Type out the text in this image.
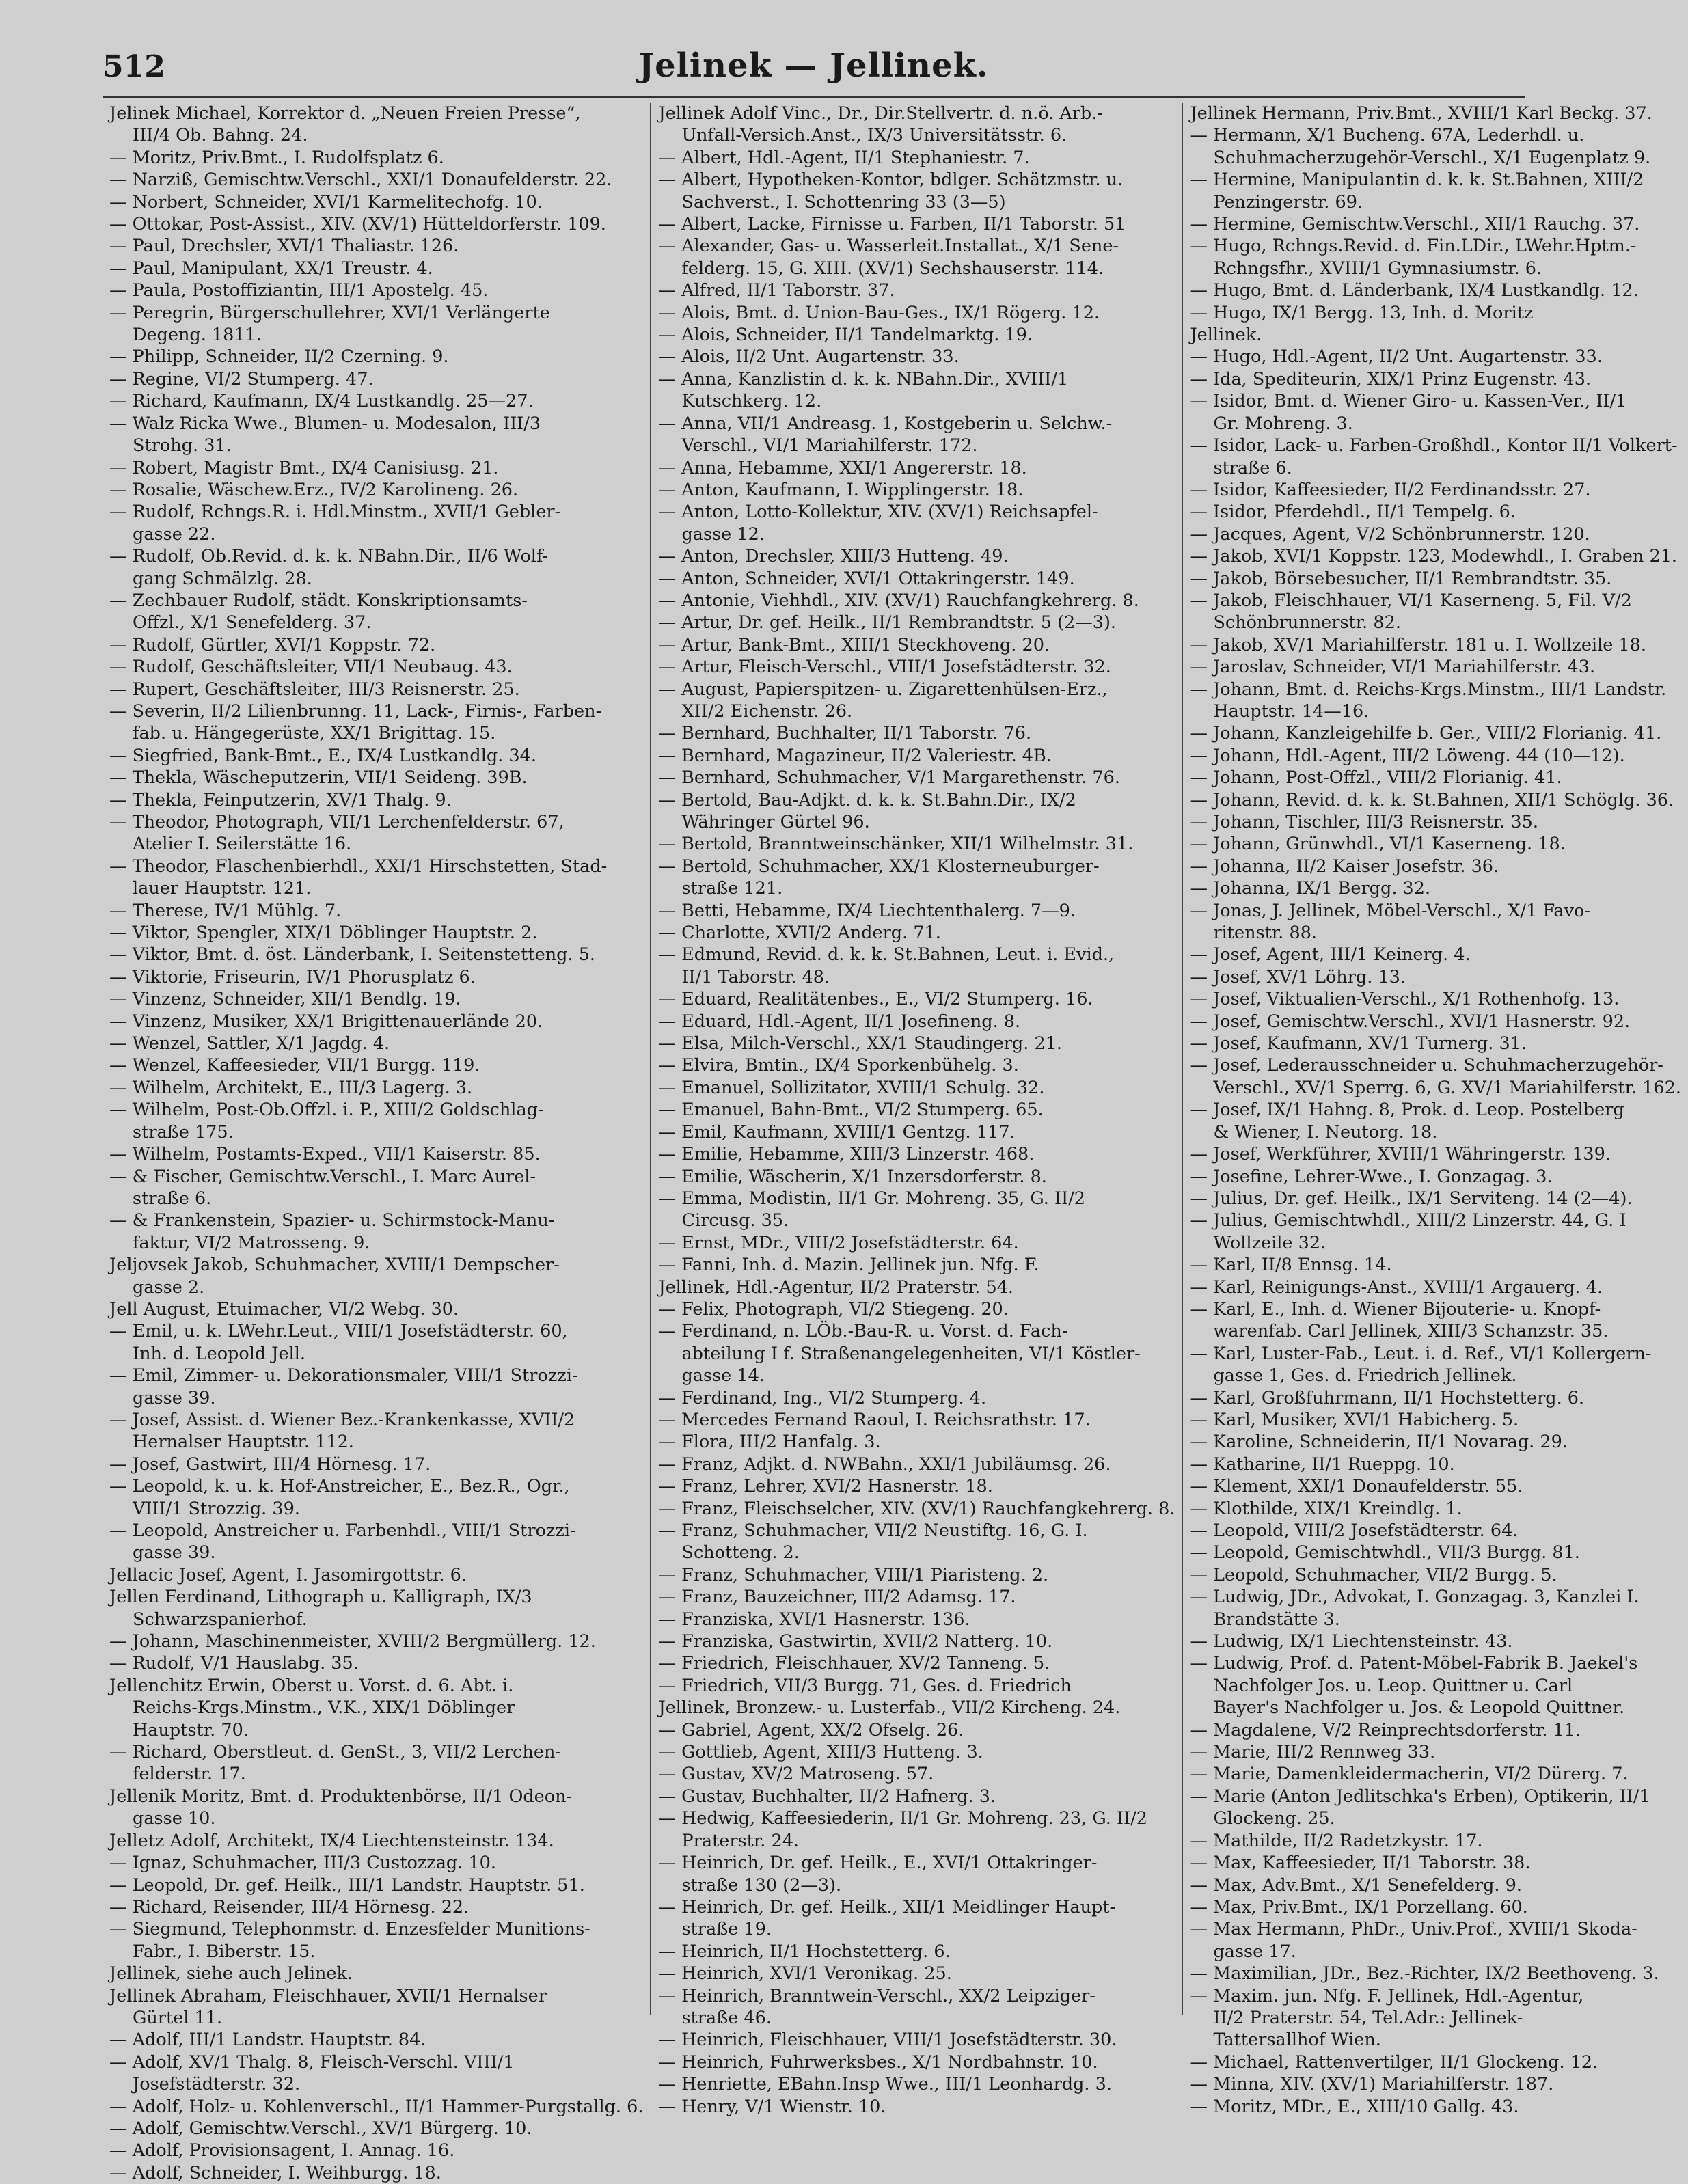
512	Jelinek — Jellinek.
Jelinek Michael, Korrektor d. „Neuen Freien Presse“,
III/4 Ob. Bahng. 24.
— Moritz, Priv.Bmt., I. Rudolfsplatz 6.
— Narziß, Gemischtw.Verschl., XXI/1 Donaufelderstr. 22.
— Norbert, Schneider, XVI/1 Karmelitechofg. 10.
— Ottokar, Post-Assist., XIV. (XV/1) Hütteldorferstr. 109.
— Paul, Drechsler, XVI/1 Thaliastr. 126.
— Paul, Manipulant, XX/1 Treustr. 4.
— Paula, Postoffiziantin, III/1 Apostelg. 45.
— Peregrin, Bürgerschullehrer, XVI/1 Verlängerte
Degeng. 1811.
— Philipp, Schneider, II/2 Czerning. 9.
— Regine, VI/2 Stumperg. 47.
— Richard, Kaufmann, IX/4 Lustkandlg. 25—27.
— Walz Ricka Wwe., Blumen- u. Modesalon, III/3
Strohg. 31.
— Robert, Magistr Bmt., IX/4 Canisiusg. 21.
— Rosalie, Wäschew.Erz., IV/2 Karolineng. 26.
— Rudolf, Rchngs.R. i. Hdl.Minstm., XVII/1 Gebler-
gasse 22.
— Rudolf, Ob.Revid. d. k. k. NBahn.Dir., II/6 Wolf-
gang Schmälzlg. 28.
— Zechbauer Rudolf, städt. Konskriptionsamts-
Offzl., X/1 Senefelderg. 37.
— Rudolf, Gürtler, XVI/1 Koppstr. 72.
— Rudolf, Geschäftsleiter, VII/1 Neubaug. 43.
— Rupert, Geschäftsleiter, III/3 Reisnerstr. 25.
— Severin, II/2 Lilienbrunng. 11, Lack-, Firnis-, Farben-
fab. u. Hängegerüste, XX/1 Brigittag. 15.
— Siegfried, Bank-Bmt., E., IX/4 Lustkandlg. 34.
— Thekla, Wäscheputzerin, VII/1 Seideng. 39B.
— Thekla, Feinputzerin, XV/1 Thalg. 9.
— Theodor, Photograph, VII/1 Lerchenfelderstr. 67,
Atelier I. Seilerstätte 16.
— Theodor, Flaschenbierhdl., XXI/1 Hirschstetten, Stad-
lauer Hauptstr. 121.
— Therese, IV/1 Mühlg. 7.
— Viktor, Spengler, XIX/1 Döblinger Hauptstr. 2.
— Viktor, Bmt. d. öst. Länderbank, I. Seitenstetteng. 5.
— Viktorie, Friseurin, IV/1 Phorusplatz 6.
— Vinzenz, Schneider, XII/1 Bendlg. 19.
— Vinzenz, Musiker, XX/1 Brigittenauerlände 20.
— Wenzel, Sattler, X/1 Jagdg. 4.
— Wenzel, Kaffeesieder, VII/1 Burgg. 119.
— Wilhelm, Architekt, E., III/3 Lagerg. 3.
— Wilhelm, Post-Ob.Offzl. i. P., XIII/2 Goldschlag-
straße 175.
— Wilhelm, Postamts-Exped., VII/1 Kaiserstr. 85.
— & Fischer, Gemischtw.Verschl., I. Marc Aurel-
straße 6.
— & Frankenstein, Spazier- u. Schirmstock-Manu-
faktur, VI/2 Matrosseng. 9.
Jeljovsek Jakob, Schuhmacher, XVIII/1 Dempscher-
gasse 2.
Jell August, Etuimacher, VI/2 Webg. 30.
— Emil, u. k. LWehr.Leut., VIII/1 Josefstädterstr. 60,
Inh. d. Leopold Jell.
— Emil, Zimmer- u. Dekorationsmaler, VIII/1 Strozzi-
gasse 39.
— Josef, Assist. d. Wiener Bez.-Krankenkasse, XVII/2
Hernalser Hauptstr. 112.
— Josef, Gastwirt, III/4 Hörnesg. 17.
— Leopold, k. u. k. Hof-Anstreicher, E., Bez.R., Ogr.,
VIII/1 Strozzig. 39.
— Leopold, Anstreicher u. Farbenhdl., VIII/1 Strozzi-
gasse 39.
Jellacic Josef, Agent, I. Jasomirgottstr. 6.
Jellen Ferdinand, Lithograph u. Kalligraph, IX/3
Schwarzspanierhof.
— Johann, Maschinenmeister, XVIII/2 Bergmüllerg. 12.
— Rudolf, V/1 Hauslabg. 35.
Jellenchitz Erwin, Oberst u. Vorst. d. 6. Abt. i.
Reichs-Krgs.Minstm., V.K., XIX/1 Döblinger
Hauptstr. 70.
— Richard, Oberstleut. d. GenSt., 3, VII/2 Lerchen-
felderstr. 17.
Jellenik Moritz, Bmt. d. Produktenbörse, II/1 Odeon-
gasse 10.
Jelletz Adolf, Architekt, IX/4 Liechtensteinstr. 134.
— Ignaz, Schuhmacher, III/3 Custozzag. 10.
— Leopold, Dr. gef. Heilk., III/1 Landstr. Hauptstr. 51.
— Richard, Reisender, III/4 Hörnesg. 22.
— Siegmund, Telephonmstr. d. Enzesfelder Munitions-
Fabr., I. Biberstr. 15.
Jellinek, siehe auch Jelinek.
Jellinek Abraham, Fleischhauer, XVII/1 Hernalser
Gürtel 11.
— Adolf, III/1 Landstr. Hauptstr. 84.
— Adolf, XV/1 Thalg. 8, Fleisch-Verschl. VIII/1
Josefstädterstr. 32.
— Adolf, Holz- u. Kohlenverschl., II/1 Hammer-Purgstallg. 6.
— Adolf, Gemischtw.Verschl., XV/1 Bürgerg. 10.
— Adolf, Provisionsagent, I. Annag. 16.
— Adolf, Schneider, I. Weihburgg. 18.
Jellinek Adolf Vinc., Dr., Dir.Stellvertr. d. n.ö. Arb.-
Unfall-Versich.Anst., IX/3 Universitätsstr. 6.
— Albert, Hdl.-Agent, II/1 Stephaniestr. 7.
— Albert, Hypotheken-Kontor, bdlger. Schätzmstr. u.
Sachverst., I. Schottenring 33 (3—5)
— Albert, Lacke, Firnisse u. Farben, II/1 Taborstr. 51
— Alexander, Gas- u. Wasserleit.Installat., X/1 Sene-
felderg. 15, G. XIII. (XV/1) Sechshauserstr. 114.
— Alfred, II/1 Taborstr. 37.
— Alois, Bmt. d. Union-Bau-Ges., IX/1 Rögerg. 12.
— Alois, Schneider, II/1 Tandelmarktg. 19.
— Alois, II/2 Unt. Augartenstr. 33.
— Anna, Kanzlistin d. k. k. NBahn.Dir., XVIII/1
Kutschkerg. 12.
— Anna, VII/1 Andreasg. 1, Kostgeberin u. Selchw.-
Verschl., VI/1 Mariahilferstr. 172.
— Anna, Hebamme, XXI/1 Angererstr. 18.
— Anton, Kaufmann, I. Wipplingerstr. 18.
— Anton, Lotto-Kollektur, XIV. (XV/1) Reichsapfel-
gasse 12.
— Anton, Drechsler, XIII/3 Hutteng. 49.
— Anton, Schneider, XVI/1 Ottakringerstr. 149.
— Antonie, Viehhdl., XIV. (XV/1) Rauchfangkehrerg. 8.
— Artur, Dr. gef. Heilk., II/1 Rembrandtstr. 5 (2—3).
— Artur, Bank-Bmt., XIII/1 Steckhoveng. 20.
— Artur, Fleisch-Verschl., VIII/1 Josefstädterstr. 32.
— August, Papierspitzen- u. Zigarettenhülsen-Erz.,
XII/2 Eichenstr. 26.
— Bernhard, Buchhalter, II/1 Taborstr. 76.
— Bernhard, Magazineur, II/2 Valeriestr. 4B.
— Bernhard, Schuhmacher, V/1 Margarethenstr. 76.
— Bertold, Bau-Adjkt. d. k. k. St.Bahn.Dir., IX/2
Währinger Gürtel 96.
— Bertold, Branntweinschänker, XII/1 Wilhelmstr. 31.
— Bertold, Schuhmacher, XX/1 Klosterneuburger-
straße 121.
— Betti, Hebamme, IX/4 Liechtenthalerg. 7—9.
— Charlotte, XVII/2 Anderg. 71.
— Edmund, Revid. d. k. k. St.Bahnen, Leut. i. Evid.,
II/1 Taborstr. 48.
— Eduard, Realitätenbes., E., VI/2 Stumperg. 16.
— Eduard, Hdl.-Agent, II/1 Josefineng. 8.
— Elsa, Milch-Verschl., XX/1 Staudingerg. 21.
— Elvira, Bmtin., IX/4 Sporkenbühelg. 3.
— Emanuel, Sollizitator, XVIII/1 Schulg. 32.
— Emanuel, Bahn-Bmt., VI/2 Stumperg. 65.
— Emil, Kaufmann, XVIII/1 Gentzg. 117.
— Emilie, Hebamme, XIII/3 Linzerstr. 468.
— Emilie, Wäscherin, X/1 Inzersdorferstr. 8.
— Emma, Modistin, II/1 Gr. Mohreng. 35, G. II/2
Circusg. 35.
— Ernst, MDr., VIII/2 Josefstädterstr. 64.
— Fanni, Inh. d. Mazin. Jellinek jun. Nfg. F.
Jellinek, Hdl.-Agentur, II/2 Praterstr. 54.
— Felix, Photograph, VI/2 Stiegeng. 20.
— Ferdinand, n. LÖb.-Bau-R. u. Vorst. d. Fach-
abteilung I f. Straßenangelegenheiten, VI/1 Köstler-
gasse 14.
— Ferdinand, Ing., VI/2 Stumperg. 4.
— Mercedes Fernand Raoul, I. Reichsrathstr. 17.
— Flora, III/2 Hanfalg. 3.
— Franz, Adjkt. d. NWBahn., XXI/1 Jubiläumsg. 26.
— Franz, Lehrer, XVI/2 Hasnerstr. 18.
— Franz, Fleischselcher, XIV. (XV/1) Rauchfangkehrerg. 8.
— Franz, Schuhmacher, VII/2 Neustiftg. 16, G. I.
Schotteng. 2.
— Franz, Schuhmacher, VIII/1 Piaristeng. 2.
— Franz, Bauzeichner, III/2 Adamsg. 17.
— Franziska, XVI/1 Hasnerstr. 136.
— Franziska, Gastwirtin, XVII/2 Natterg. 10.
— Friedrich, Fleischhauer, XV/2 Tanneng. 5.
— Friedrich, VII/3 Burgg. 71, Ges. d. Friedrich
Jellinek, Bronzew.- u. Lusterfab., VII/2 Kircheng. 24.
— Gabriel, Agent, XX/2 Ofselg. 26.
— Gottlieb, Agent, XIII/3 Hutteng. 3.
— Gustav, XV/2 Matroseng. 57.
— Gustav, Buchhalter, II/2 Hafnerg. 3.
— Hedwig, Kaffeesiederin, II/1 Gr. Mohreng. 23, G. II/2
Praterstr. 24.
— Heinrich, Dr. gef. Heilk., E., XVI/1 Ottakringer-
straße 130 (2—3).
— Heinrich, Dr. gef. Heilk., XII/1 Meidlinger Haupt-
straße 19.
— Heinrich, II/1 Hochstetterg. 6.
— Heinrich, XVI/1 Veronikag. 25.
— Heinrich, Branntwein-Verschl., XX/2 Leipziger-
straße 46.
— Heinrich, Fleischhauer, VIII/1 Josefstädterstr. 30.
— Heinrich, Fuhrwerksbes., X/1 Nordbahnstr. 10.
— Henriette, EBahn.Insp Wwe., III/1 Leonhardg. 3.
— Henry, V/1 Wienstr. 10.
Jellinek Hermann, Priv.Bmt., XVIII/1 Karl Beckg. 37.
— Hermann, X/1 Bucheng. 67A, Lederhdl. u.
Schuhmacherzugehör-Verschl., X/1 Eugenplatz 9.
— Hermine, Manipulantin d. k. k. St.Bahnen, XIII/2
Penzingerstr. 69.
— Hermine, Gemischtw.Verschl., XII/1 Rauchg. 37.
— Hugo, Rchngs.Revid. d. Fin.LDir., LWehr.Hptm.-
Rchngsfhr., XVIII/1 Gymnasiumstr. 6.
— Hugo, Bmt. d. Länderbank, IX/4 Lustkandlg. 12.
— Hugo, IX/1 Bergg. 13, Inh. d. Moritz
Jellinek.
— Hugo, Hdl.-Agent, II/2 Unt. Augartenstr. 33.
— Ida, Spediteurin, XIX/1 Prinz Eugenstr. 43.
— Isidor, Bmt. d. Wiener Giro- u. Kassen-Ver., II/1
Gr. Mohreng. 3.
— Isidor, Lack- u. Farben-Großhdl., Kontor II/1 Volkert-
straße 6.
— Isidor, Kaffeesieder, II/2 Ferdinandsstr. 27.
— Isidor, Pferdehdl., II/1 Tempelg. 6.
— Jacques, Agent, V/2 Schönbrunnerstr. 120.
— Jakob, XVI/1 Koppstr. 123, Modewhdl., I. Graben 21.
— Jakob, Börsebesucher, II/1 Rembrandtstr. 35.
— Jakob, Fleischhauer, VI/1 Kaserneng. 5, Fil. V/2
Schönbrunnerstr. 82.
— Jakob, XV/1 Mariahilferstr. 181 u. I. Wollzeile 18.
— Jaroslav, Schneider, VI/1 Mariahilferstr. 43.
— Johann, Bmt. d. Reichs-Krgs.Minstm., III/1 Landstr.
Hauptstr. 14—16.
— Johann, Kanzleigehilfe b. Ger., VIII/2 Florianig. 41.
— Johann, Hdl.-Agent, III/2 Löweng. 44 (10—12).
— Johann, Post-Offzl., VIII/2 Florianig. 41.
— Johann, Revid. d. k. k. St.Bahnen, XII/1 Schöglg. 36.
— Johann, Tischler, III/3 Reisnerstr. 35.
— Johann, Grünwhdl., VI/1 Kaserneng. 18.
— Johanna, II/2 Kaiser Josefstr. 36.
— Johanna, IX/1 Bergg. 32.
— Jonas, J. Jellinek, Möbel-Verschl., X/1 Favo-
ritenstr. 88.
— Josef, Agent, III/1 Keinerg. 4.
— Josef, XV/1 Löhrg. 13.
— Josef, Viktualien-Verschl., X/1 Rothenhofg. 13.
— Josef, Gemischtw.Verschl., XVI/1 Hasnerstr. 92.
— Josef, Kaufmann, XV/1 Turnerg. 31.
— Josef, Lederausschneider u. Schuhmacherzugehör-
Verschl., XV/1 Sperrg. 6, G. XV/1 Mariahilferstr. 162.
— Josef, IX/1 Hahng. 8, Prok. d. Leop. Postelberg
& Wiener, I. Neutorg. 18.
— Josef, Werkführer, XVIII/1 Währingerstr. 139.
— Josefine, Lehrer-Wwe., I. Gonzagag. 3.
— Julius, Dr. gef. Heilk., IX/1 Serviteng. 14 (2—4).
— Julius, Gemischtwhdl., XIII/2 Linzerstr. 44, G. I
Wollzeile 32.
— Karl, II/8 Ennsg. 14.
— Karl, Reinigungs-Anst., XVIII/1 Argauerg. 4.
— Karl, E., Inh. d. Wiener Bijouterie- u. Knopf-
warenfab. Carl Jellinek, XIII/3 Schanzstr. 35.
— Karl, Luster-Fab., Leut. i. d. Ref., VI/1 Kollergern-
gasse 1, Ges. d. Friedrich Jellinek.
— Karl, Großfuhrmann, II/1 Hochstetterg. 6.
— Karl, Musiker, XVI/1 Habicherg. 5.
— Karoline, Schneiderin, II/1 Novarag. 29.
— Katharine, II/1 Rueppg. 10.
— Klement, XXI/1 Donaufelderstr. 55.
— Klothilde, XIX/1 Kreindlg. 1.
— Leopold, VIII/2 Josefstädterstr. 64.
— Leopold, Gemischtwhdl., VII/3 Burgg. 81.
— Leopold, Schuhmacher, VII/2 Burgg. 5.
— Ludwig, JDr., Advokat, I. Gonzagag. 3, Kanzlei I.
Brandstätte 3.
— Ludwig, IX/1 Liechtensteinstr. 43.
— Ludwig, Prof. d. Patent-Möbel-Fabrik B. Jaekel's
Nachfolger Jos. u. Leop. Quittner u. Carl
Bayer's Nachfolger u. Jos. & Leopold Quittner.
— Magdalene, V/2 Reinprechtsdorferstr. 11.
— Marie, III/2 Rennweg 33.
— Marie, Damenkleidermacherin, VI/2 Dürerg. 7.
— Marie (Anton Jedlitschka's Erben), Optikerin, II/1
Glockeng. 25.
— Mathilde, II/2 Radetzkystr. 17.
— Max, Kaffeesieder, II/1 Taborstr. 38.
— Max, Adv.Bmt., X/1 Senefelderg. 9.
— Max, Priv.Bmt., IX/1 Porzellang. 60.
— Max Hermann, PhDr., Univ.Prof., XVIII/1 Skoda-
gasse 17.
— Maximilian, JDr., Bez.-Richter, IX/2 Beethoveng. 3.
— Maxim. jun. Nfg. F. Jellinek, Hdl.-Agentur,
II/2 Praterstr. 54, Tel.Adr.: Jellinek-
Tattersallhof Wien.
— Michael, Rattenvertilger, II/1 Glockeng. 12.
— Minna, XIV. (XV/1) Mariahilferstr. 187.
— Moritz, MDr., E., XIII/10 Gallg. 43.
